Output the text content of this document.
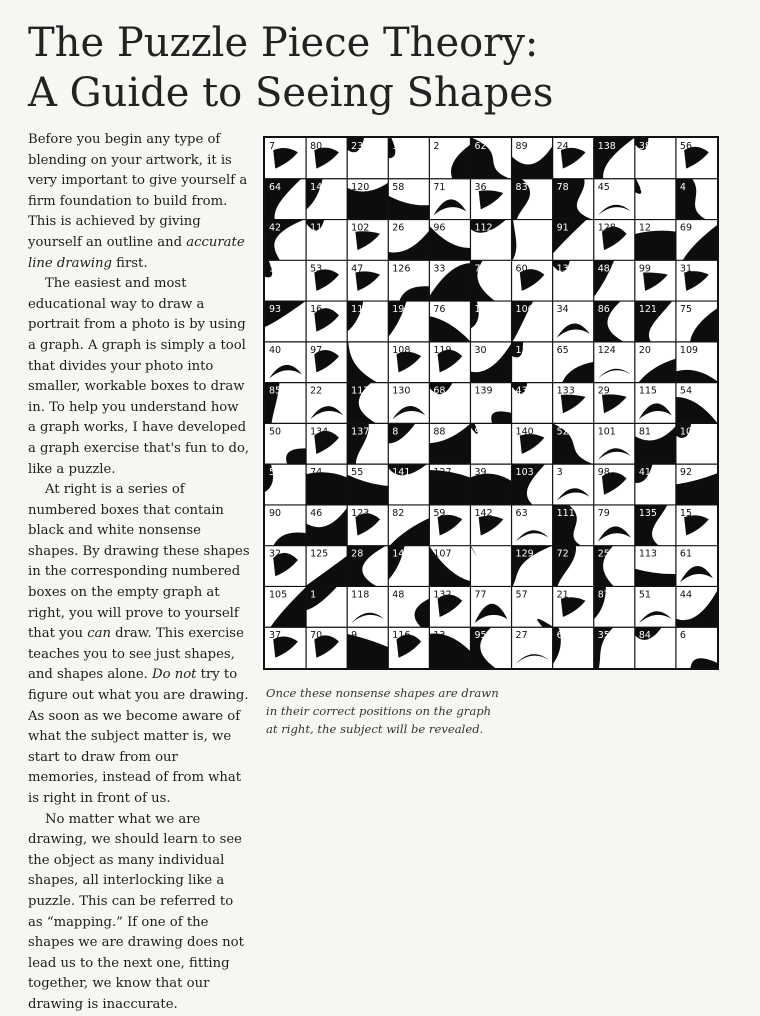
The Puzzle Piece Theory:
A Guide to Seeing Shapes

Before you begin any type of blending on your artwork, it is very important to give yourself a firm foundation to build from. This is achieved by giving yourself an outline and accurate line drawing first.

The easiest and most educational way to draw a portrait from a photo is by using a graph. A graph is simply a tool that divides your photo into smaller, workable boxes to draw in. To help you understand how a graph works, I have developed a graph exercise that's fun to do, like a puzzle.

At right is a series of numbered boxes that contain black and white nonsense shapes. By drawing these shapes in the corresponding numbered boxes on the empty graph at right, you will prove to yourself that you can draw. This exercise teaches you to see just shapes, and shapes alone. Do not try to figure out what you are drawing. As soon as we become aware of what the subject matter is, we start to draw from our memories, instead of from what is right in front of us.

No matter what we are drawing, we should learn to see the object as many individual shapes, all interlocking like a puzzle. This can be referred to as “mapping.” If one of the shapes we are drawing does not lead us to the next one, fitting together, we know that our drawing is inaccurate.

7	80	23	100 2	62	89	24	138 38	56
64	14	120 58	71	36	83	78	45	104 4
42	110 102 26	96	112 18	91	128 12	69
11	53	47	126 33	73	60	131 48	99	31
93	16	114 19	76	122 106 34	86	121 75
40	97	66	108 119 30	136 65	124 20	109
85	22	117 130 68	139 43	133 29	115 54
50	134 137 8	88	94	140 52	101 81	10
5	74	55	141 127 39	103 3	98	41	92
90	46	123 82	59	142 63	111 79	135 15
32	125 28	143 107 17	129 72	25	113 61
105 1	118 48	132 77	57	21	87	51	44
37	70	9	116 13	95	27	67	35	84	6

Once these nonsense shapes are drawn in their correct positions on the graph at right, the subject will be revealed.
